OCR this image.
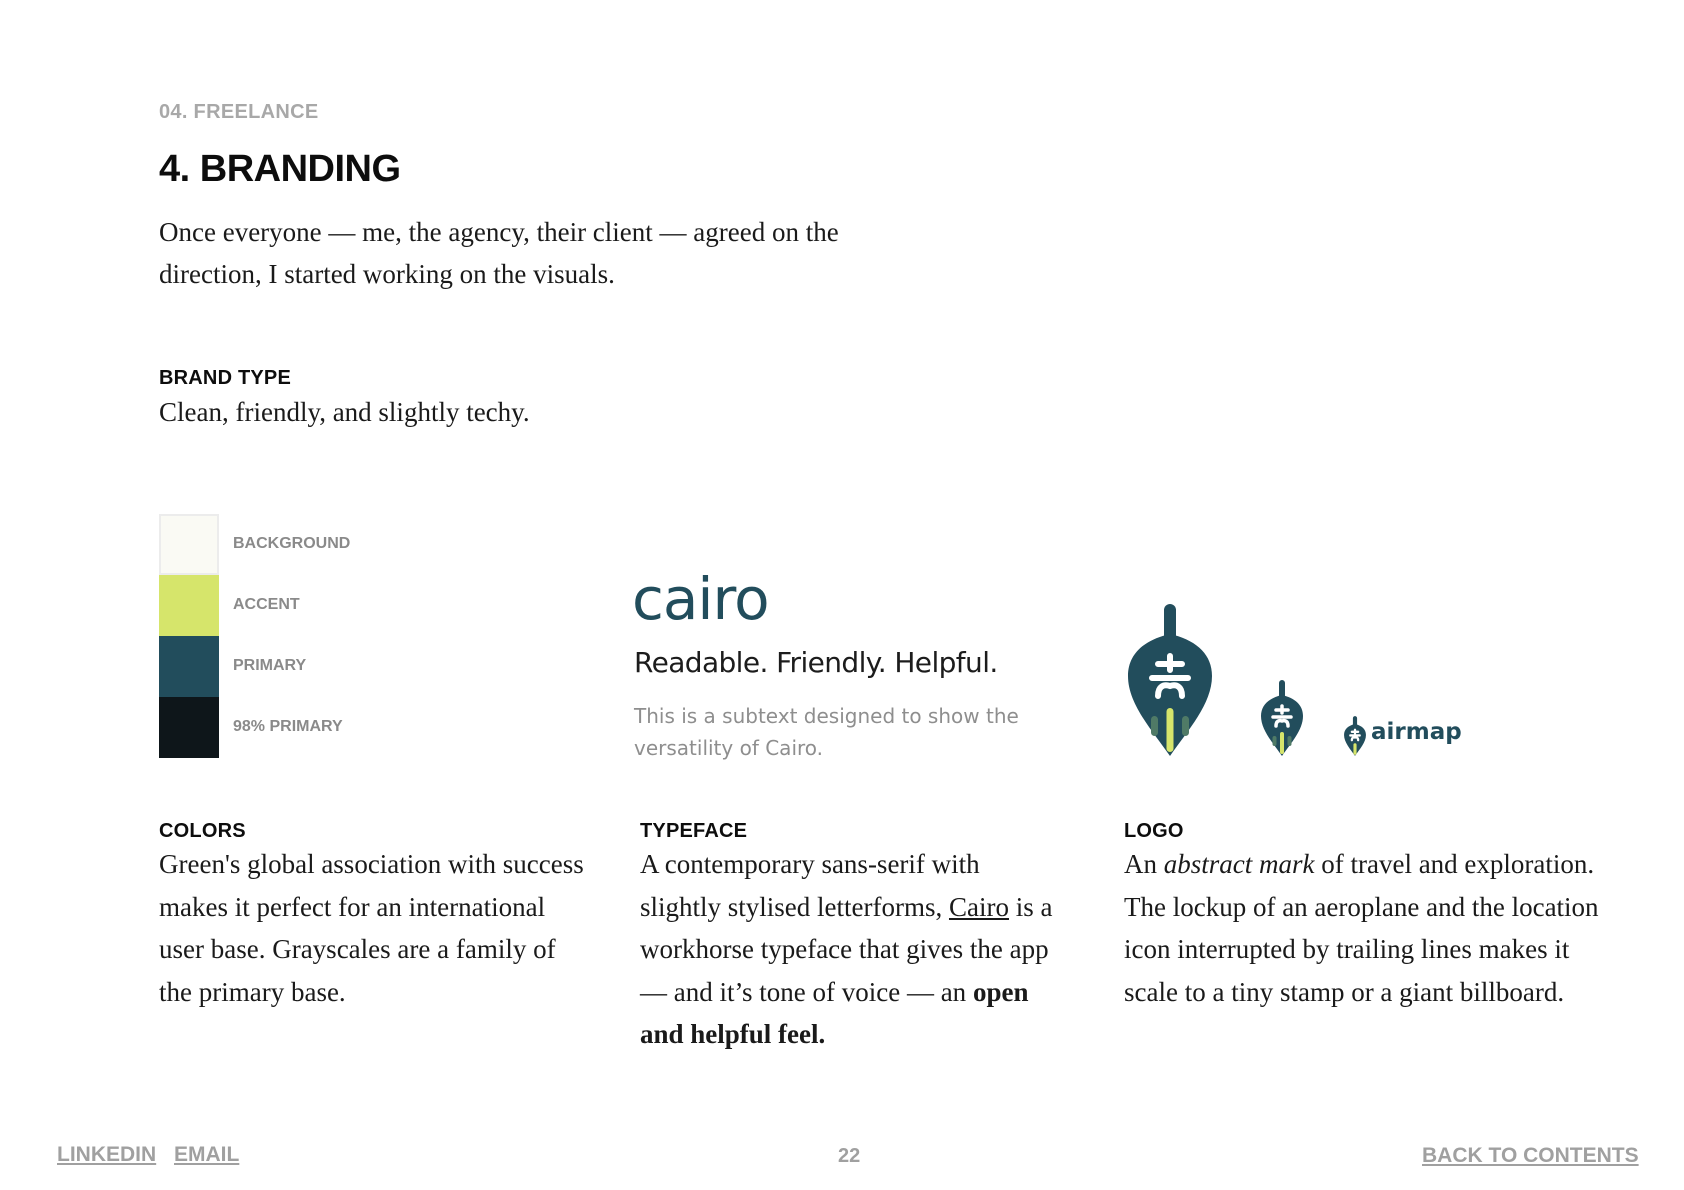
04. FREELANCE
4. BRANDING

Once everyone — me, the agency, their client — agreed on the direction, I started working on the visuals.

BRAND TYPE

Clean, friendly, and slightly techy.

BACKGROUND
ACCENT
PRIMARY
98% PRIMARY
cairo
Readable. Friendly. Helpful.
This is a subtext designed to show the versatility of Cairo.
airmap
COLORS

Green's global association with success makes it perfect for an international user base. Grayscales are a family of the primary base.

TYPEFACE

A contemporary sans-serif with slightly stylised letterforms, Cairo is a workhorse typeface that gives the app — and it’s tone of voice — an open and helpful feel.

LOGO

An abstract mark of travel and exploration. The lockup of an aeroplane and the location icon interrupted by trailing lines makes it scale to a tiny stamp or a giant billboard.

LINKEDIN EMAIL	22	BACK TO CONTENTS
